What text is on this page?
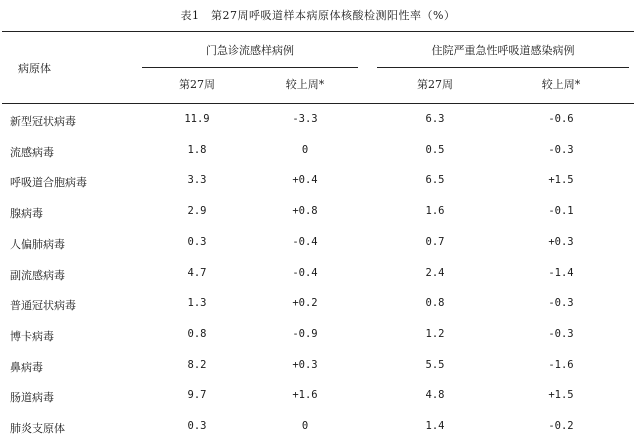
表1　第27周呼吸道样本病原体核酸检测阳性率（%）
病原体
门急诊流感样病例	住院严重急性呼吸道感染病例
第27周	较上周*	第27周	较上周*
新型冠状病毒	11.9	-3.3	6.3	-0.6
流感病毒	1.8	0	0.5	-0.3
呼吸道合胞病毒	3.3	+0.4	6.5	+1.5
腺病毒	2.9	+0.8	1.6	-0.1
人偏肺病毒	0.3	-0.4	0.7	+0.3
副流感病毒	4.7	-0.4	2.4	-1.4
普通冠状病毒	1.3	+0.2	0.8	-0.3
博卡病毒	0.8	-0.9	1.2	-0.3
鼻病毒	8.2	+0.3	5.5	-1.6
肠道病毒	9.7	+1.6	4.8	+1.5
肺炎支原体	0.3	0	1.4	-0.2
